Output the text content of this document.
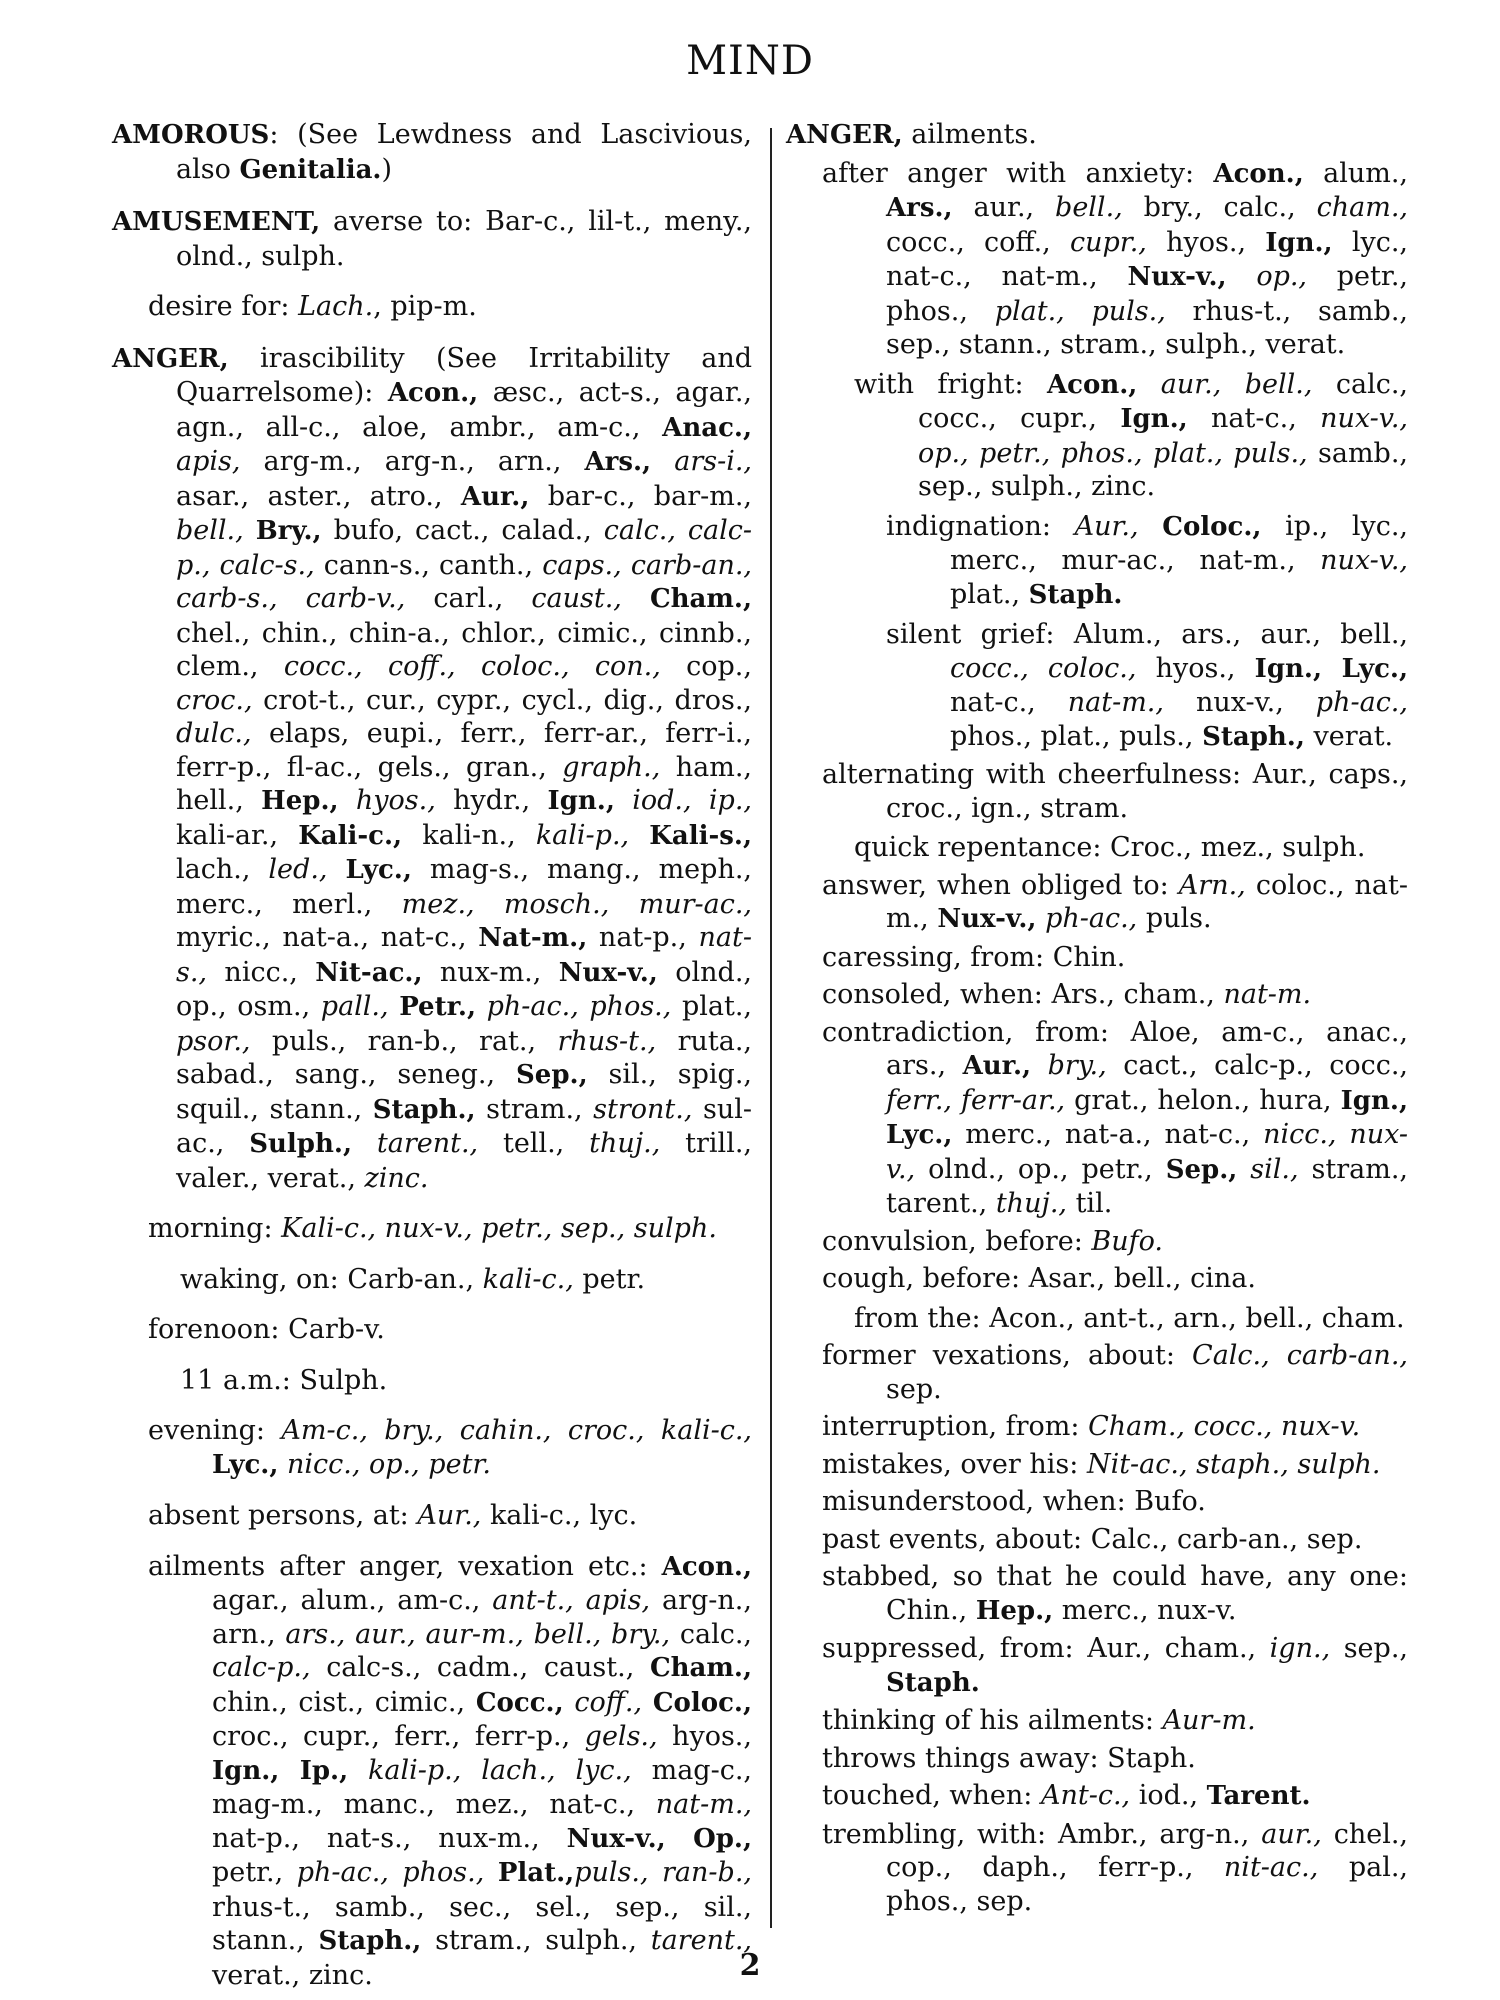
MIND
AMOROUS: (See Lewdness and Lascivious, also Genitalia.)
AMUSEMENT, averse to: Bar-c., lil-t., meny., olnd., sulph.
desire for: Lach., pip-m.
ANGER, irascibility (See Irritability and Quarrelsome): Acon., æsc., act-s., agar., agn., all-c., aloe, ambr., am-c., Anac., apis, arg-m., arg-n., arn., Ars., ars-i., asar., aster., atro., Aur., bar-c., bar-m., bell., Bry., bufo, cact., calad., calc., calc-p., calc-s., cann-s., canth., caps., carb-an., carb-s., carb-v., carl., caust., Cham., chel., chin., chin-a., chlor., cimic., cinnb., clem., cocc., coff., coloc., con., cop., croc., crot-t., cur., cypr., cycl., dig., dros., dulc., elaps, eupi., ferr., ferr-ar., ferr-i., ferr-p., fl-ac., gels., gran., graph., ham., hell., Hep., hyos., hydr., Ign., iod., ip., kali-ar., Kali-c., kali-n., kali-p., Kali-s., lach., led., Lyc., mag-s., mang., meph., merc., merl., mez., mosch., mur-ac., myric., nat-a., nat-c., Nat-m., nat-p., nat-s., nicc., Nit-ac., nux-m., Nux-v., olnd., op., osm., pall., Petr., ph-ac., phos., plat., psor., puls., ran-b., rat., rhus-t., ruta., sabad., sang., seneg., Sep., sil., spig., squil., stann., Staph., stram., stront., sul-ac., Sulph., tarent., tell., thuj., trill., valer., verat., zinc.
morning: Kali-c., nux-v., petr., sep., sulph.
waking, on: Carb-an., kali-c., petr.
forenoon: Carb-v.
11 a.m.: Sulph.
evening: Am-c., bry., cahin., croc., kali-c., Lyc., nicc., op., petr.
absent persons, at: Aur., kali-c., lyc.
ailments after anger, vexation etc.: Acon., agar., alum., am-c., ant-t., apis, arg-n., arn., ars., aur., aur-m., bell., bry., calc., calc-p., calc-s., cadm., caust., Cham., chin., cist., cimic., Cocc., coff., Coloc., croc., cupr., ferr., ferr-p., gels., hyos., Ign., Ip., kali-p., lach., lyc., mag-c., mag-m., manc., mez., nat-c., nat-m., nat-p., nat-s., nux-m., Nux-v., Op., petr., ph-ac., phos., Plat.,puls., ran-b., rhus-t., samb., sec., sel., sep., sil., stann., Staph., stram., sulph., tarent., verat., zinc.
ANGER, ailments.
after anger with anxiety: Acon., alum., Ars., aur., bell., bry., calc., cham., cocc., coff., cupr., hyos., Ign., lyc., nat-c., nat-m., Nux-v., op., petr., phos., plat., puls., rhus-t., samb., sep., stann., stram., sulph., verat.
with fright: Acon., aur., bell., calc., cocc., cupr., Ign., nat-c., nux-v., op., petr., phos., plat., puls., samb., sep., sulph., zinc.
indignation: Aur., Coloc., ip., lyc., merc., mur-ac., nat-m., nux-v., plat., Staph.
silent grief: Alum., ars., aur., bell., cocc., coloc., hyos., Ign., Lyc., nat-c., nat-m., nux-v., ph-ac., phos., plat., puls., Staph., verat.
alternating with cheerfulness: Aur., caps., croc., ign., stram.
quick repentance: Croc., mez., sulph.
answer, when obliged to: Arn., coloc., nat-m., Nux-v., ph-ac., puls.
caressing, from: Chin.
consoled, when: Ars., cham., nat-m.
contradiction, from: Aloe, am-c., anac., ars., Aur., bry., cact., calc-p., cocc., ferr., ferr-ar., grat., helon., hura, Ign., Lyc., merc., nat-a., nat-c., nicc., nux-v., olnd., op., petr., Sep., sil., stram., tarent., thuj., til.
convulsion, before: Bufo.
cough, before: Asar., bell., cina.
from the: Acon., ant-t., arn., bell., cham.
former vexations, about: Calc., carb-an., sep.
interruption, from: Cham., cocc., nux-v.
mistakes, over his: Nit-ac., staph., sulph.
misunderstood, when: Bufo.
past events, about: Calc., carb-an., sep.
stabbed, so that he could have, any one: Chin., Hep., merc., nux-v.
suppressed, from: Aur., cham., ign., sep., Staph.
thinking of his ailments: Aur-m.
throws things away: Staph.
touched, when: Ant-c., iod., Tarent.
trembling, with: Ambr., arg-n., aur., chel., cop., daph., ferr-p., nit-ac., pal., phos., sep.
2
